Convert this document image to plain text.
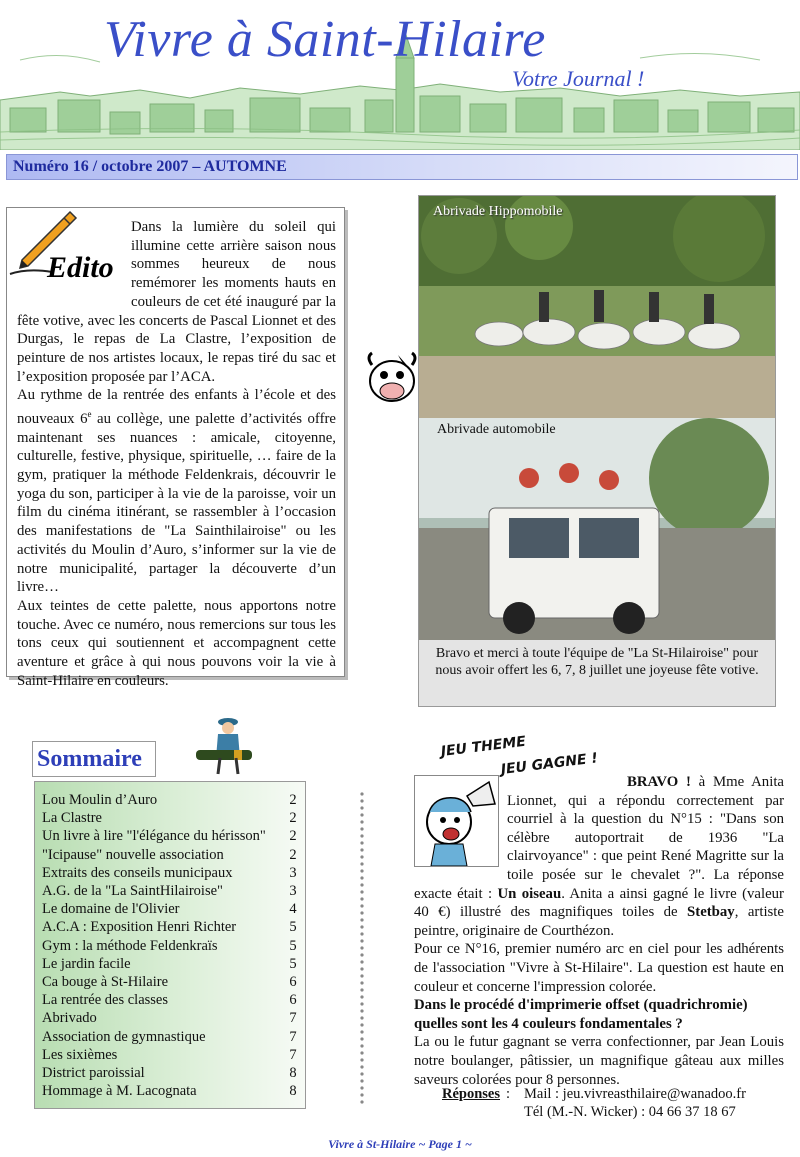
Vivre à Saint-Hilaire
Votre Journal !
Numéro 16 / octobre 2007 – AUTOMNE

Dans la lumière du soleil qui illumine cette arrière saison nous sommes heureux de nous remémorer les moments hauts en couleurs de cet été inauguré par la fête votive, avec les concerts de Pascal Lionnet et des Durgas, le repas de La Clastre, l’exposition de peinture de nos artistes locaux, le repas tiré du sac et l’exposition proposée par l’ACA.

Au rythme de la rentrée des enfants à l’école et des nouveaux 6e au collège, une palette d’activités offre maintenant ses nuances : amicale, citoyenne, culturelle, festive, physique, spirituelle, … faire de la gym, pratiquer la méthode Feldenkrais, découvrir le yoga du son, participer à la vie de la paroisse, voir un film du cinéma itinérant, se rassembler à l’occasion des manifestations de "La Sainthilairoise" ou les activités du Moulin d’Auro, s’informer sur la vie de notre municipalité, partager la découverte d’un livre…

Aux teintes de cette palette, nous apportons notre touche. Avec ce numéro, nous remercions sur tous les tons ceux qui soutiennent et accompagnent cette aventure et grâce à qui nous pouvons voir la vie à Saint-Hilaire en couleurs.

Edito
Abrivade Hippomobile
Abrivade automobile
Bravo et merci à toute l'équipe de "La St-Hilairoise" pour nous avoir offert les 6, 7, 8 juillet une joyeuse fête votive.
Sommaire
Lou Moulin d’Auro	2
La Clastre	2
Un livre à lire "l'élégance du hérisson" 2
"Icipause" nouvelle association	2
Extraits des conseils municipaux	3
A.G. de la "La SaintHilairoise"	3
Le domaine de l'Olivier	4
A.C.A : Exposition Henri Richter	5
Gym : la méthode Feldenkraïs	5
Le jardin facile	5
Ca bouge à St-Hilaire	6
La rentrée des classes	6
Abrivado	7
Association de gymnastique	7
Les sixièmes	7
District paroissial	8
Hommage à M. Lacognata	8
JEU THEME
JEU GAGNE !

BRAVO ! à Mme Anita Lionnet, qui a répondu correctement par courriel à la question du N°15 : "Dans son célèbre autoportrait de 1936 "La clairvoyance" : que peint René Magritte sur la toile posée sur le chevalet ?". La réponse exacte était : Un oiseau. Anita a ainsi gagné le livre (valeur 40 €) illustré des magnifiques toiles de Stetbay, artiste peintre, originaire de Courthézon.

Pour ce N°16, premier numéro arc en ciel pour les adhérents de l'association "Vivre à St-Hilaire". La question est haute en couleur et concerne l'impression colorée.

Dans le procédé d'imprimerie offset (quadrichromie) quelles sont les 4 couleurs fondamentales ?

La ou le futur gagnant se verra confectionner, par Jean Louis notre boulanger, pâtissier, un magnifique gâteau aux milles saveurs colorées pour 8 personnes.

Réponses : Mail : jeu.vivreasthilaire@wanadoo.fr
Tél (M.-N. Wicker) : 04 66 37 18 67
Vivre à St-Hilaire ~ Page 1 ~
